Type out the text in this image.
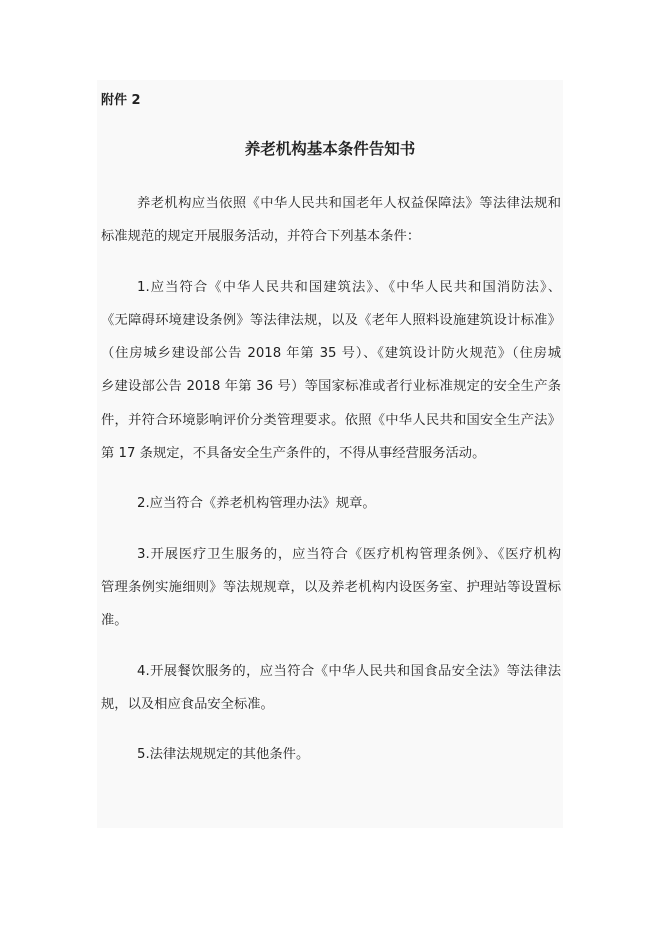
附件 2
养老机构基本条件告知书
养老机构应当依照《中华人民共和国老年人权益保障法》等法律法规和
标准规范的规定开展服务活动，并符合下列基本条件：
1.应当符合《中华人民共和国建筑法》、《中华人民共和国消防法》、
《无障碍环境建设条例》等法律法规，以及《老年人照料设施建筑设计标准》
（住房城乡建设部公告 2018 年第 35 号）、《建筑设计防火规范》（住房城
乡建设部公告 2018 年第 36 号）等国家标准或者行业标准规定的安全生产条
件，并符合环境影响评价分类管理要求。依照《中华人民共和国安全生产法》
第 17 条规定，不具备安全生产条件的，不得从事经营服务活动。
2.应当符合《养老机构管理办法》规章。
3.开展医疗卫生服务的，应当符合《医疗机构管理条例》、《医疗机构
管理条例实施细则》等法规规章，以及养老机构内设医务室、护理站等设置标
准。
4.开展餐饮服务的，应当符合《中华人民共和国食品安全法》等法律法
规，以及相应食品安全标准。
5.法律法规规定的其他条件。
